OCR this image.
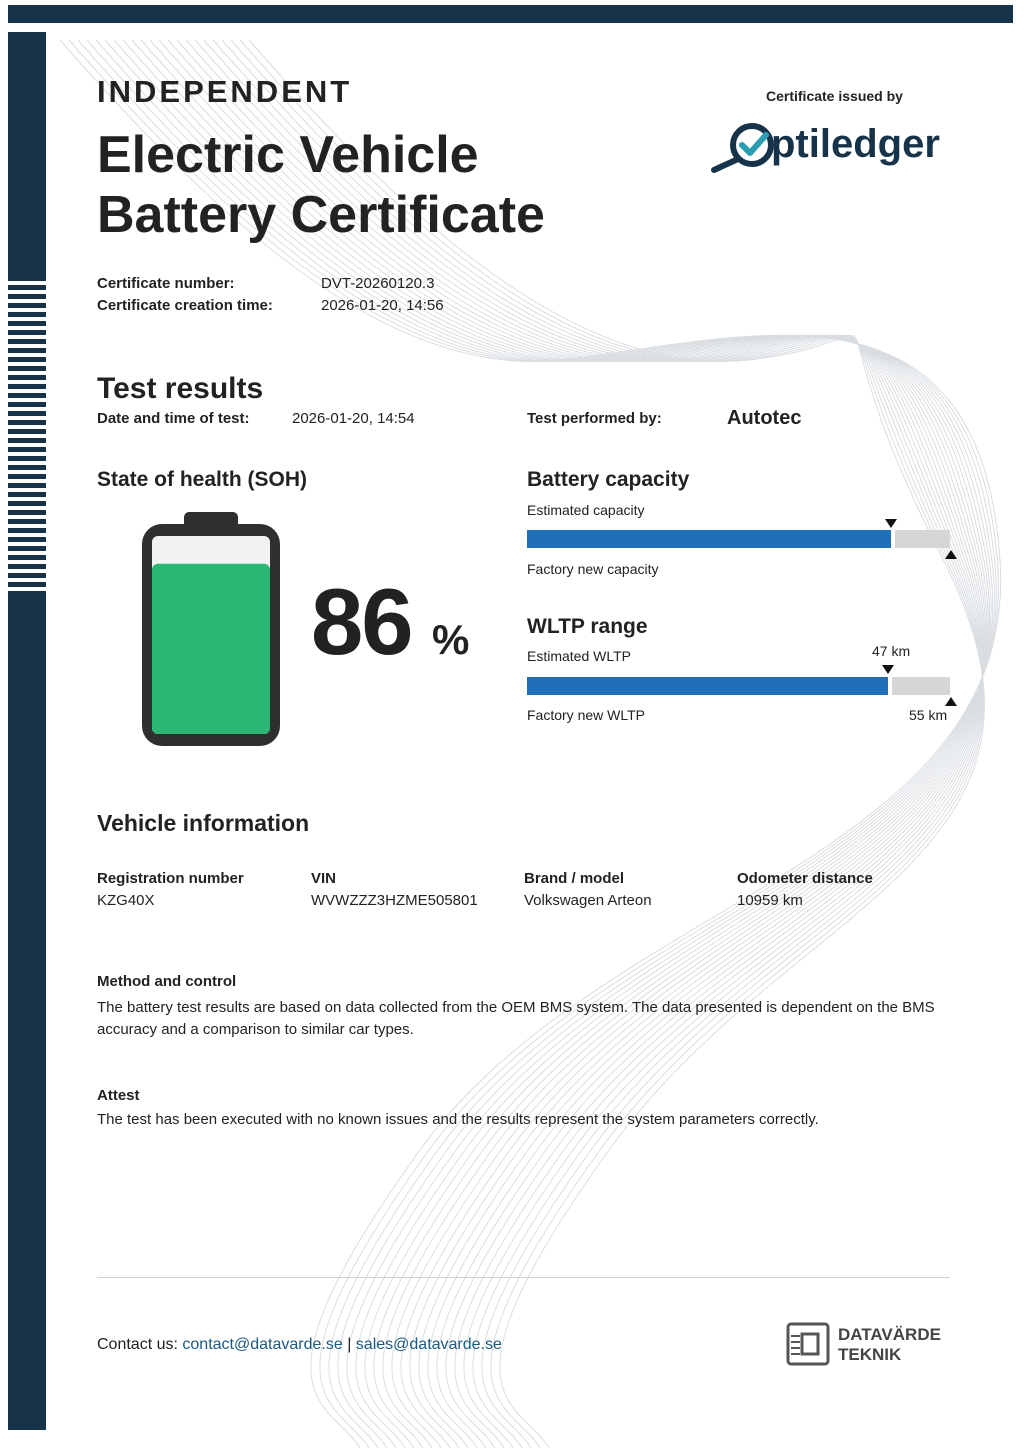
INDEPENDENT
Electric Vehicle
Battery Certificate
Certificate issued by
ptiledger
Certificate number:	DVT-20260120.3
Certificate creation time:	2026-01-20, 14:56
Test results
Date and time of test:	2026-01-20, 14:54	Test performed by:	Autotec
State of health (SOH)
86 %
Battery capacity
Estimated capacity
Factory new capacity
WLTP range
Estimated WLTP	47 km
Factory new WLTP	55 km
Vehicle information
Registration number
KZG40X
VIN
WVWZZZ3HZME505801
Brand / model
Volkswagen Arteon
Odometer distance
10959 km
Method and control
The battery test results are based on data collected from the OEM BMS system. The data presented is dependent on the BMS accuracy and a comparison to similar car types.
Attest
The test has been executed with no known issues and the results represent the system parameters correctly.
Contact us: contact@datavarde.se | sales@datavarde.se
DATAVÄRDE
TEKNIK
